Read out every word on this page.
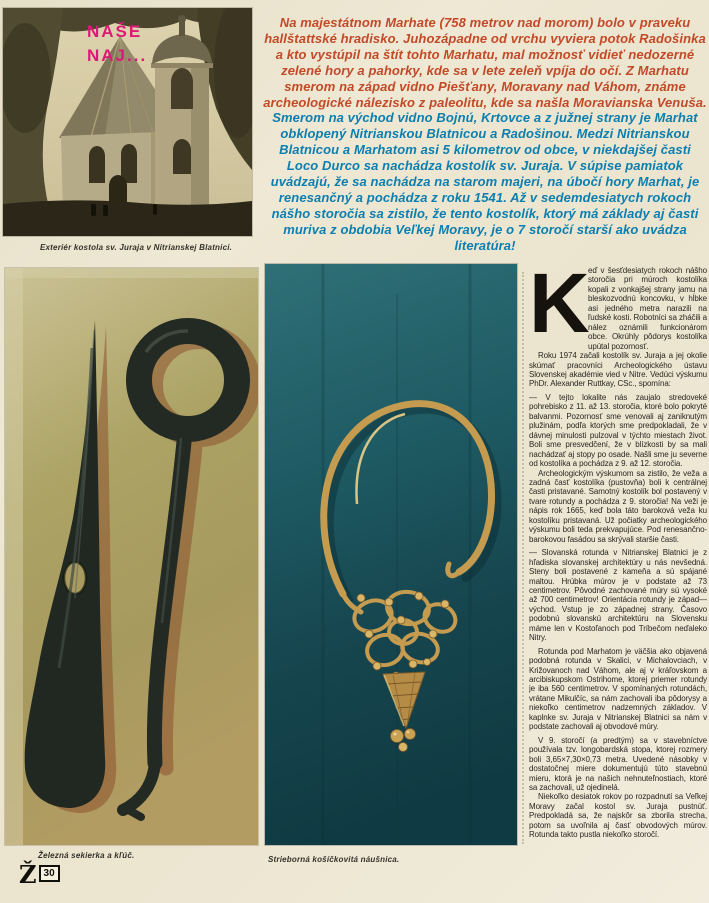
NAŠE
NAJ...
Exteriér kostola sv. Juraja v Nitrianskej Blatnici.
Na majestátnom Marhate (758 metrov nad morom) bolo v praveku hallštattské hradisko. Juhozápadne od vrchu vyviera potok Radošinka a kto vystúpil na štít tohto Marhatu, mal možnosť vidieť nedozerné zelené hory a pahorky, kde sa v lete zeleň vpíja do očí. Z Marhatu smerom na západ vidno Piešťany, Moravany nad Váhom, známe archeologické nálezisko z paleolitu, kde sa našla Moravianska Venuša. Smerom na východ vidno Bojnú, Krtovce a z južnej strany je Marhat obklopený Nitrianskou Blatnicou a Radošinou. Medzi Nitrianskou Blatnicou a Marhatom asi 5 kilometrov od obce, v niekdajšej časti Loco Durco sa nachádza kostolík sv. Juraja. V súpise pamiatok uvádzajú, že sa nachádza na starom majeri, na úbočí hory Marhat, je renesančný a pochádza z roku 1541. Až v sedemdesiatych rokoch nášho storočia sa zistilo, že tento kostolík, ktorý má základy aj časti muriva z obdobia Veľkej Moravy, je o 7 storočí starší ako uvádza literatúra!
Železná sekierka a kľúč.	Strieborná košíčkovitá náušnica.
K

eď v šesťdesiatych rokoch nášho storočia pri múroch kostolíka kopali z vonkajšej strany jamu na bleskozvodnú koncovku, v hĺbke asi jedného metra narazili na ľudské kosti. Robotníci sa zháčili a nález oznámili funkcionárom obce. Okrúhly pôdorys kostolíka upútal pozornosť.

Roku 1974 začali kostolík sv. Juraja a jej okolie skúmať pracovníci Archeologického ústavu Slovenskej akadémie vied v Nitre. Vedúci výskumu PhDr. Alexander Ruttkay, CSc., spomína:

— V tejto lokalite nás zaujalo stredoveké pohrebisko z 11. až 13. storočia, ktoré bolo pokryté balvanmi. Pozornosť sme venovali aj zaniknutým plužinám, podľa ktorých sme predpokladali, že v dávnej minulosti pulzoval v týchto miestach život. Boli sme presvedčení, že v blízkosti by sa mali nachádzať aj stopy po osade. Našli sme ju severne od kostolíka a pochádza z 9. až 12. storočia.

Archeologickým výskumom sa zistilo, že veža a zadná časť kostolíka (pustovňa) boli k centrálnej časti pristavané. Samotný kostolík bol postavený v tvare rotundy a pochádza z 9. storočia! Na veži je nápis rok 1665, keď bola táto baroková veža ku kostolíku pristavaná. Už počiatky archeologického výskumu boli teda prekvapujúce. Pod renesančno-barokovou fasádou sa skrývali staršie časti.

— Slovanská rotunda v Nitrianskej Blatnici je z hľadiska slovanskej architektúry u nás nevšedná. Steny boli postavené z kameňa a sú spájané maltou. Hrúbka múrov je v podstate až 73 centimetrov. Pôvodné zachované múry sú vysoké až 700 centimetrov! Orientácia rotundy je západ—východ. Vstup je zo západnej strany. Časovo podobnú slovanskú architektúru na Slovensku máme len v Kostoľanoch pod Tríbečom neďaleko Nitry.

Rotunda pod Marhatom je väčšia ako objavená podobná rotunda v Skalici, v Michalovciach, v Križovanoch nad Váhom, ale aj v kráľovskom a arcibiskupskom Ostrihome, ktorej priemer rotundy je iba 560 centimetrov. V spomínaných rotundách, vrátane Mikulčíc, sa nám zachovali iba pôdorysy a niekoľko centimetrov nadzemných základov. V kaplnke sv. Juraja v Nitrianskej Blatnici sa nám v podstate zachovali aj obvodové múry.

V 9. storočí (a predtým) sa v stavebníctve používala tzv. longobardská stopa, ktorej rozmery boli 3,65×7,30×0,73 metra. Uvedené násobky v dostatočnej miere dokumentujú túto stavebnú mieru, ktorá je na našich nehnuteľnostiach, ktoré sa zachovali, už ojedinelá.

Niekoľko desiatok rokov po rozpadnutí sa Veľkej Moravy začal kostol sv. Juraja pustnúť. Predpokladá sa, že najskôr sa zborila strecha, potom sa uvoľnila aj časť obvodových múrov. Rotunda takto pustla niekoľko storočí.

Ž 30
